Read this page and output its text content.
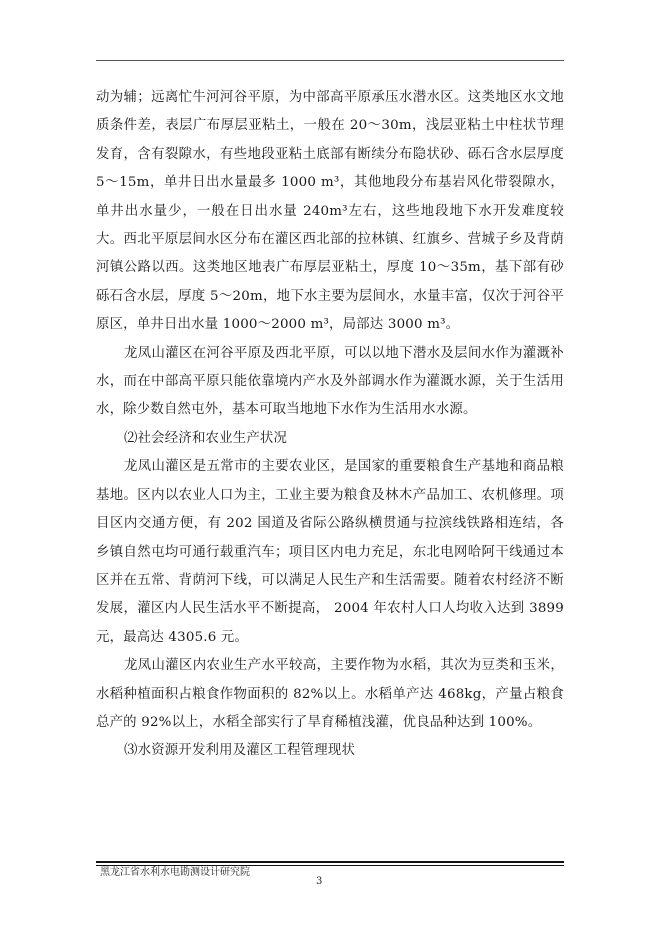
动为辅；远离忙牛河河谷平原，为中部高平原承压水潜水区。这类地区水文地质条件差，表层广布厚层亚粘土，一般在 20～30m，浅层亚粘土中柱状节理发育，含有裂隙水，有些地段亚粘土底部有断续分布隐状砂、砾石含水层厚度 5～15m，单井日出水量最多 1000 m³，其他地段分布基岩风化带裂隙水，单井出水量少，一般在日出水量 240m³左右，这些地段地下水开发难度较大。西北平原层间水区分布在灌区西北部的拉林镇、红旗乡、营城子乡及背荫河镇公路以西。这类地区地表广布厚层亚粘土，厚度 10～35m，基下部有砂砾石含水层，厚度 5～20m，地下水主要为层间水，水量丰富，仅次于河谷平原区，单井日出水量 1000～2000 m³，局部达 3000 m³。

龙凤山灌区在河谷平原及西北平原，可以以地下潜水及层间水作为灌溉补水，而在中部高平原只能依靠境内产水及外部调水作为灌溉水源，关于生活用水，除少数自然屯外，基本可取当地地下水作为生活用水水源。

⑵社会经济和农业生产状况

龙凤山灌区是五常市的主要农业区，是国家的重要粮食生产基地和商品粮基地。区内以农业人口为主，工业主要为粮食及林木产品加工、农机修理。项目区内交通方便，有 202 国道及省际公路纵横贯通与拉滨线铁路相连结，各乡镇自然屯均可通行载重汽车；项目区内电力充足，东北电网哈阿干线通过本区并在五常、背荫河下线，可以满足人民生产和生活需要。随着农村经济不断发展，灌区内人民生活水平不断提高， 2004 年农村人口人均收入达到 3899 元，最高达 4305.6 元。

龙凤山灌区内农业生产水平较高，主要作物为水稻，其次为豆类和玉米，水稻种植面积占粮食作物面积的 82%以上。水稻单产达 468kg，产量占粮食总产的 92%以上，水稻全部实行了旱育稀植浅灌，优良品种达到 100%。

⑶水资源开发利用及灌区工程管理现状

黑龙江省水利水电勘测设计研究院
3
